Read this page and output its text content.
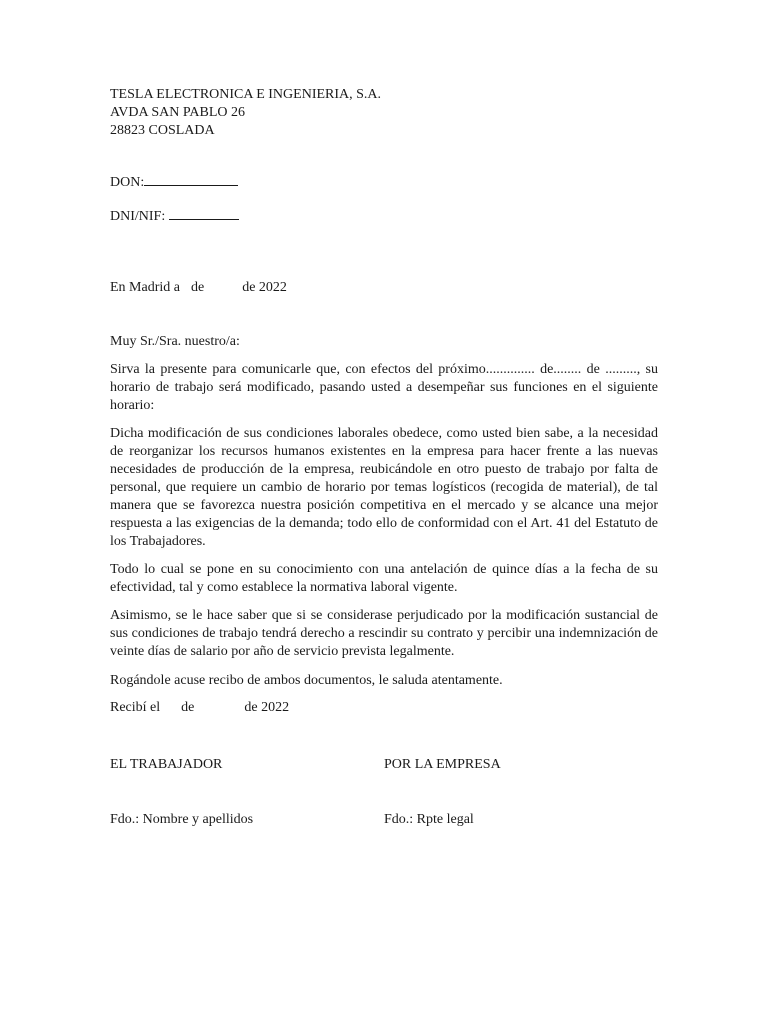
TESLA ELECTRONICA E INGENIERIA, S.A.
AVDA SAN PABLO 26
28823 COSLADA
DON:
DNI/NIF:
En Madrid a de	de 2022
Muy Sr./Sra. nuestro/a:
Sirva la presente para comunicarle que, con efectos del próximo.............. de........ de ........., su horario de trabajo será modificado, pasando usted a desempeñar sus funciones en el siguiente horario:
Dicha modificación de sus condiciones laborales obedece, como usted bien sabe, a la necesidad de reorganizar los recursos humanos existentes en la empresa para hacer frente a las nuevas necesidades de producción de la empresa, reubicándole en otro puesto de trabajo por falta de personal, que requiere un cambio de horario por temas logísticos (recogida de material), de tal manera que se favorezca nuestra posición competitiva en el mercado y se alcance una mejor respuesta a las exigencias de la demanda; todo ello de conformidad con el Art. 41 del Estatuto de los Trabajadores.
Todo lo cual se pone en su conocimiento con una antelación de quince días a la fecha de su efectividad, tal y como establece la normativa laboral vigente.
Asimismo, se le hace saber que si se considerase perjudicado por la modificación sustancial de sus condiciones de trabajo tendrá derecho a rescindir su contrato y percibir una indemnización de veinte días de salario por año de servicio prevista legalmente.
Rogándole acuse recibo de ambos documentos, le saluda atentamente.
Recibí el de	de 2022
EL TRABAJADOR	POR LA EMPRESA
Fdo.: Nombre y apellidos	Fdo.: Rpte legal
